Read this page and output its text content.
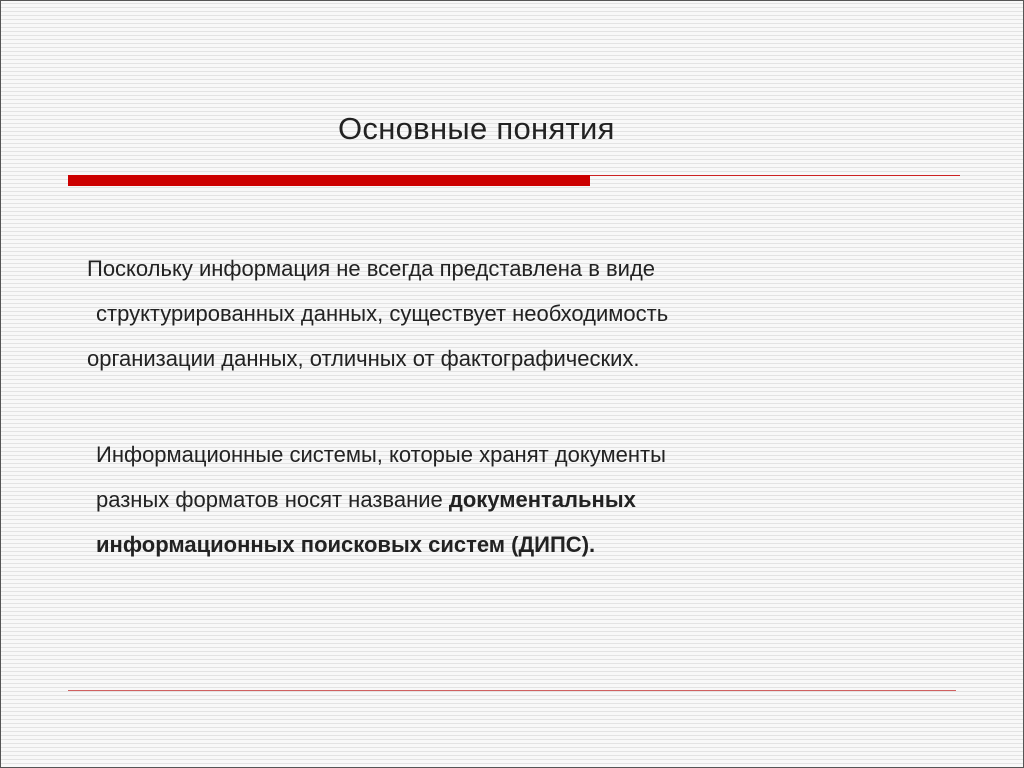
Основные понятия
Поскольку информация не всегда представлена в виде
структурированных данных, существует необходимость
организации данных, отличных от фактографических.
Информационные системы, которые хранят документы
разных форматов носят название документальных
информационных поисковых систем (ДИПС).
